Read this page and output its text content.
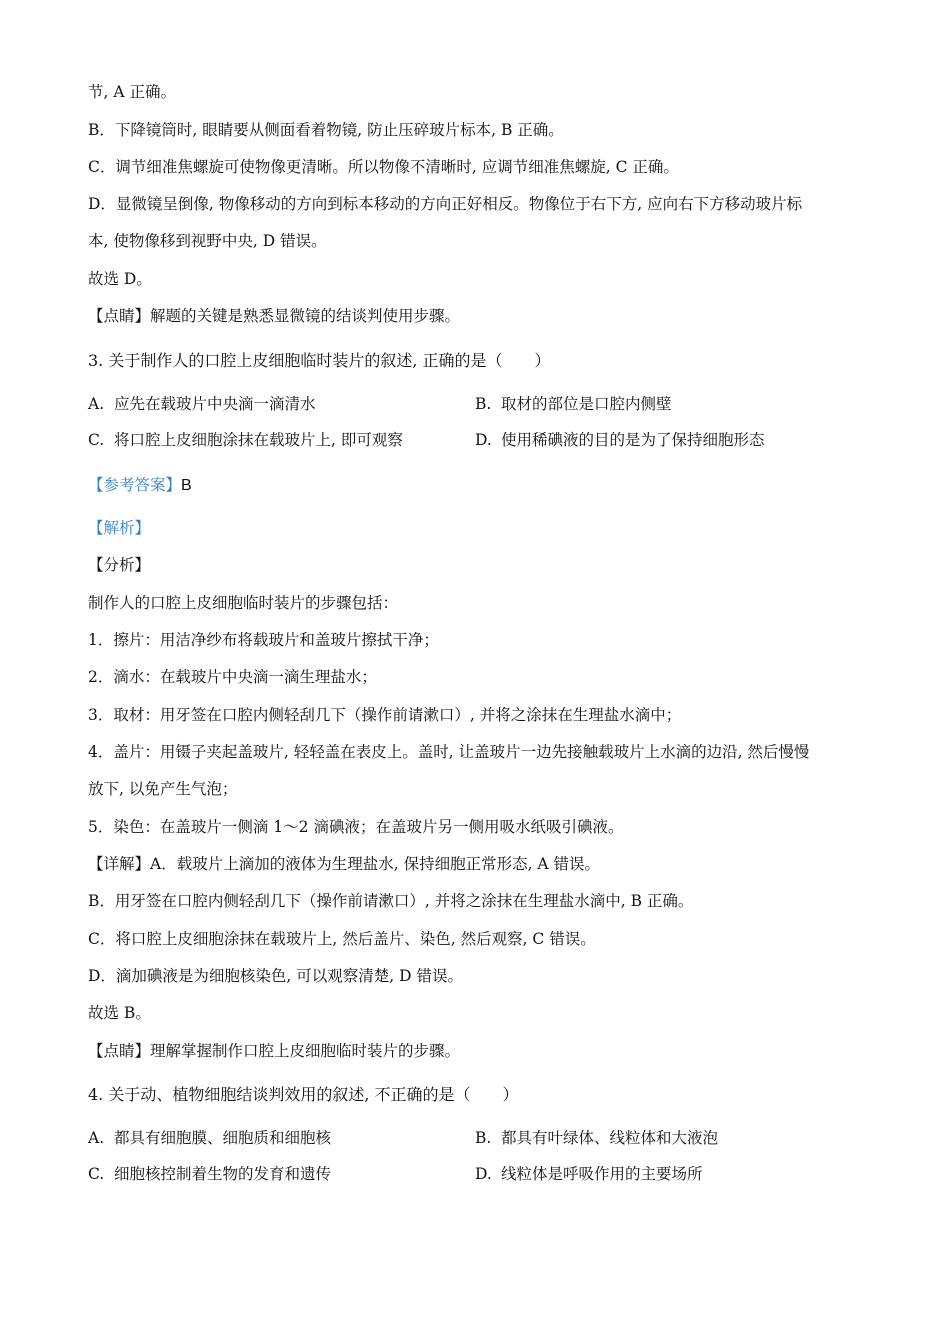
节, A 正确。
B．下降镜筒时, 眼睛要从侧面看着物镜, 防止压碎玻片标本, B 正确。
C．调节细准焦螺旋可使物像更清晰。所以物像不清晰时, 应调节细准焦螺旋, C 正确。
D．显微镜呈倒像, 物像移动的方向到标本移动的方向正好相反。物像位于右下方, 应向右下方移动玻片标
本, 使物像移到视野中央, D 错误。
故选 D。
【点睛】解题的关键是熟悉显微镜的结谈判使用步骤。
3. 关于制作人的口腔上皮细胞临时装片的叙述, 正确的是（　　）
A. 应先在载玻片中央滴一滴清水	B. 取材的部位是口腔内侧壁
C. 将口腔上皮细胞涂抹在载玻片上, 即可观察	D. 使用稀碘液的目的是为了保持细胞形态
【参考答案】B
【解析】
【分析】
制作人的口腔上皮细胞临时装片的步骤包括：
1．擦片：用洁净纱布将载玻片和盖玻片擦拭干净；
2．滴水：在载玻片中央滴一滴生理盐水；
3．取材：用牙签在口腔内侧轻刮几下（操作前请漱口）, 并将之涂抹在生理盐水滴中；
4．盖片：用镊子夹起盖玻片, 轻轻盖在表皮上。盖时, 让盖玻片一边先接触载玻片上水滴的边沿, 然后慢慢
放下, 以免产生气泡；
5．染色：在盖玻片一侧滴 1～2 滴碘液；在盖玻片另一侧用吸水纸吸引碘液。
【详解】A．载玻片上滴加的液体为生理盐水, 保持细胞正常形态, A 错误。
B．用牙签在口腔内侧轻刮几下（操作前请漱口）, 并将之涂抹在生理盐水滴中, B 正确。
C．将口腔上皮细胞涂抹在载玻片上, 然后盖片、染色, 然后观察, C 错误。
D．滴加碘液是为细胞核染色, 可以观察清楚, D 错误。
故选 B。
【点睛】理解掌握制作口腔上皮细胞临时装片的步骤。
4. 关于动、植物细胞结谈判效用的叙述, 不正确的是（　　）
A. 都具有细胞膜、细胞质和细胞核	B. 都具有叶绿体、线粒体和大液泡
C. 细胞核控制着生物的发育和遗传	D. 线粒体是呼吸作用的主要场所
